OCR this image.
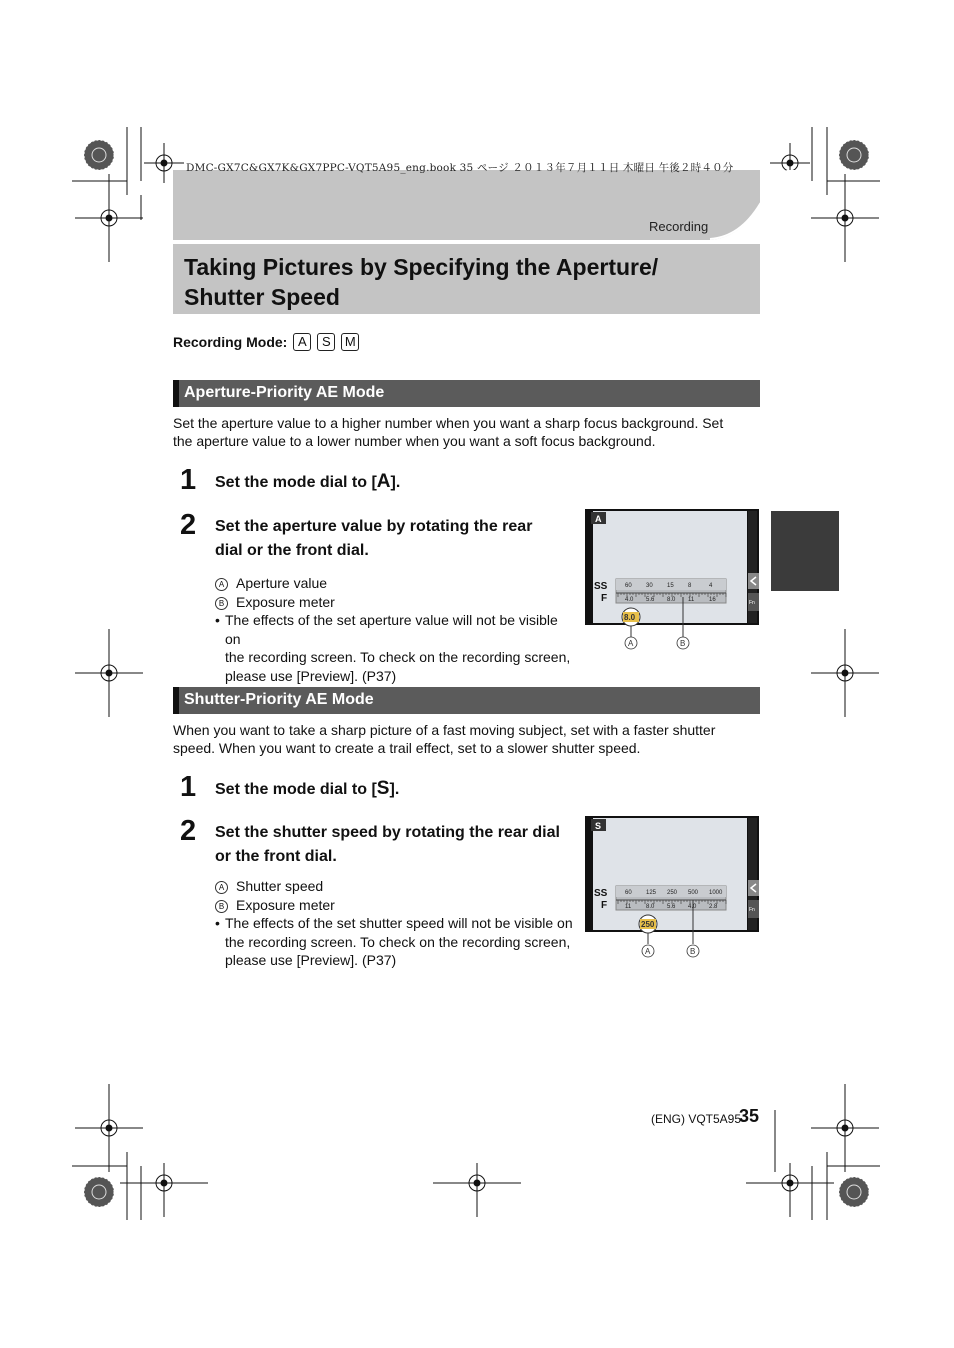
DMC-GX7C&GX7K&GX7PPC-VQT5A95_eng.book 35 ページ ２０１３年７月１１日 木曜日 午後２時４０分
Recording
Taking Pictures by Specifying the Aperture/
Shutter Speed
Recording Mode: A	S	M
Aperture-Priority AE Mode
Set the aperture value to a higher number when you want a sharp focus background. Set
the aperture value to a lower number when you want a soft focus background.
1 Set the mode dial to [A].
2 Set the aperture value by rotating the rear
dial or the front dial.
A Aperture value
B Exposure meter
• The effects of the set aperture value will not be visible on
the recording screen. To check on the recording screen,
please use [Preview]. (P37)
Fn
A
SS
F
60 30 15 8	4
4.0 5.6 8.0 11 16
8.0
A	B
Shutter-Priority AE Mode
When you want to take a sharp picture of a fast moving subject, set with a faster shutter
speed. When you want to create a trail effect, set to a slower shutter speed.
1 Set the mode dial to [S].
2 Set the shutter speed by rotating the rear dial
or the front dial.
A Shutter speed
B Exposure meter
• The effects of the set shutter speed will not be visible on
the recording screen. To check on the recording screen,
please use [Preview]. (P37)
Fn
S
SS
F
60 125 250 500 1000
11 8.0 5.6 4.0 2.8
250
A	B
(ENG) VQT5A95
35
